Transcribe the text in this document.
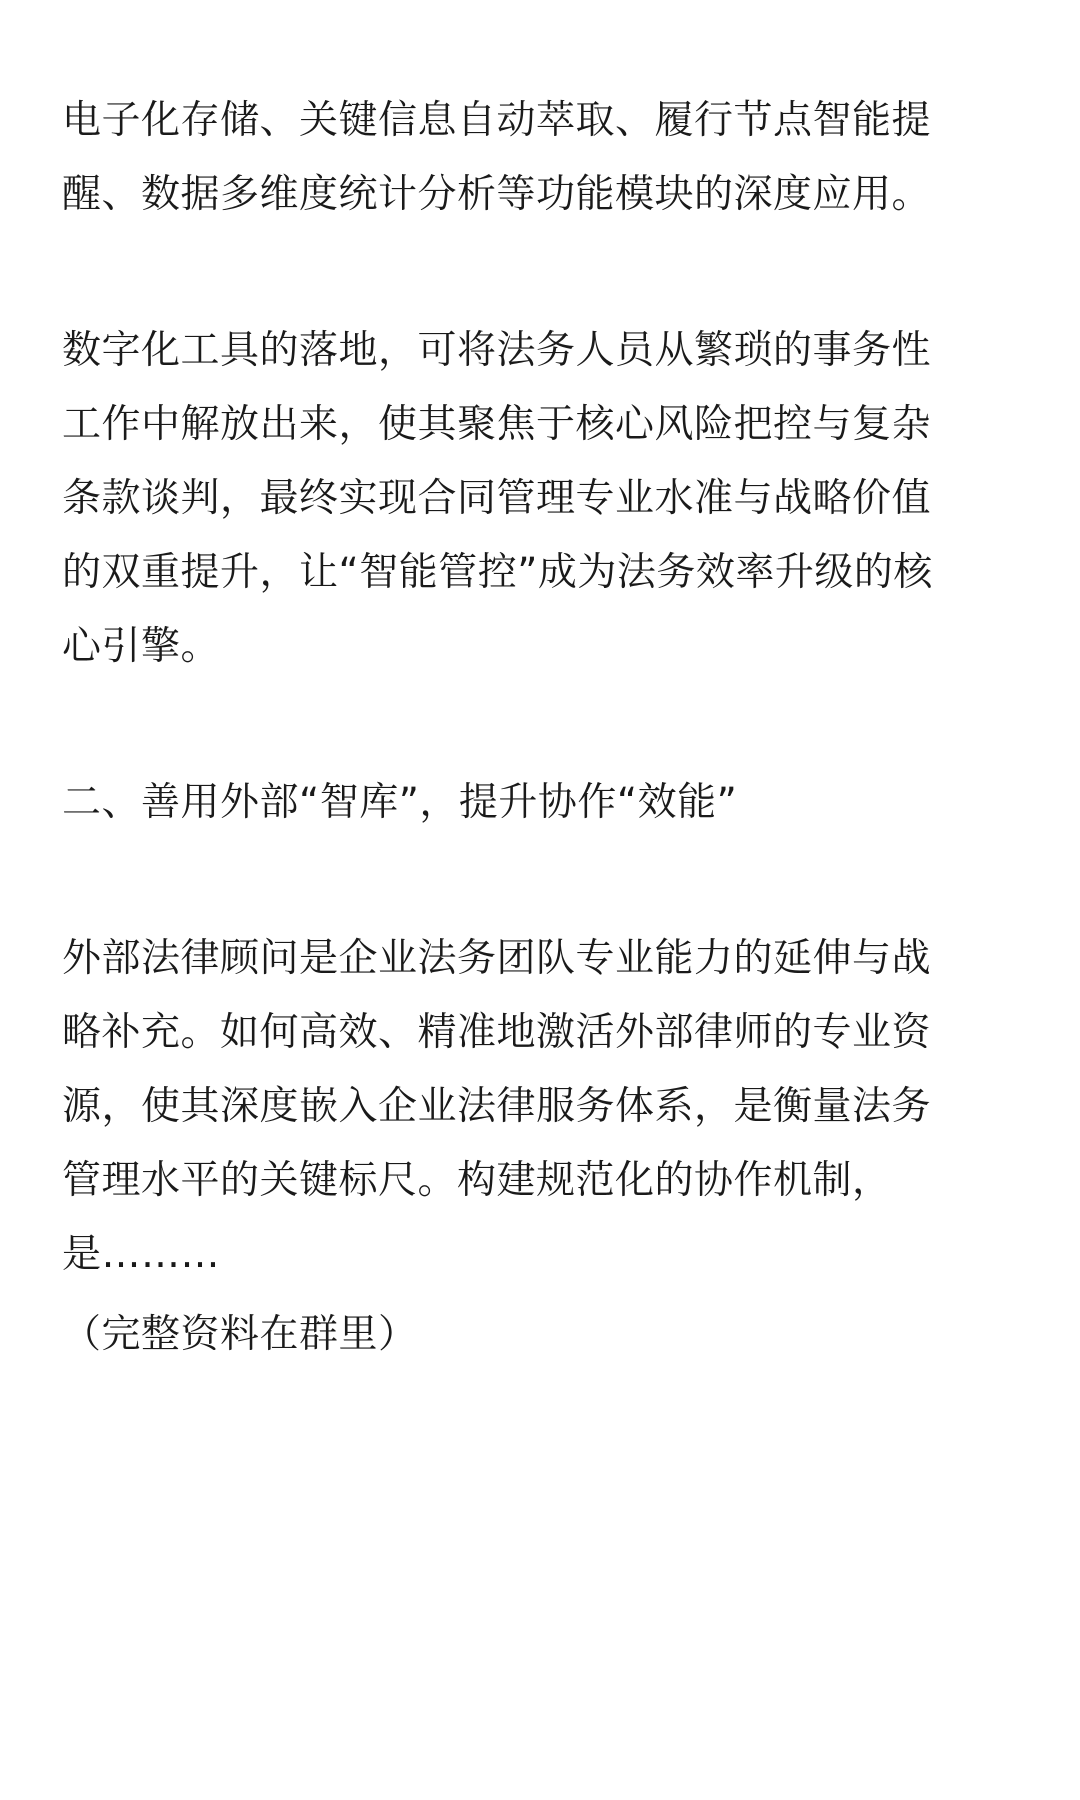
电子化存储、关键信息自动萃取、履行节点智能提
醒、数据多维度统计分析等功能模块的深度应用。
数字化工具的落地，可将法务人员从繁琐的事务性
工作中解放出来，使其聚焦于核心风险把控与复杂
条款谈判，最终实现合同管理专业水准与战略价值
的双重提升，让“智能管控”成为法务效率升级的核
心引擎。
二、善用外部“智库”，提升协作“效能”
外部法律顾问是企业法务团队专业能力的延伸与战
略补充。如何高效、精准地激活外部律师的专业资
源，使其深度嵌入企业法律服务体系，是衡量法务
管理水平的关键标尺。构建规范化的协作机制，
是………
（完整资料在群里）
